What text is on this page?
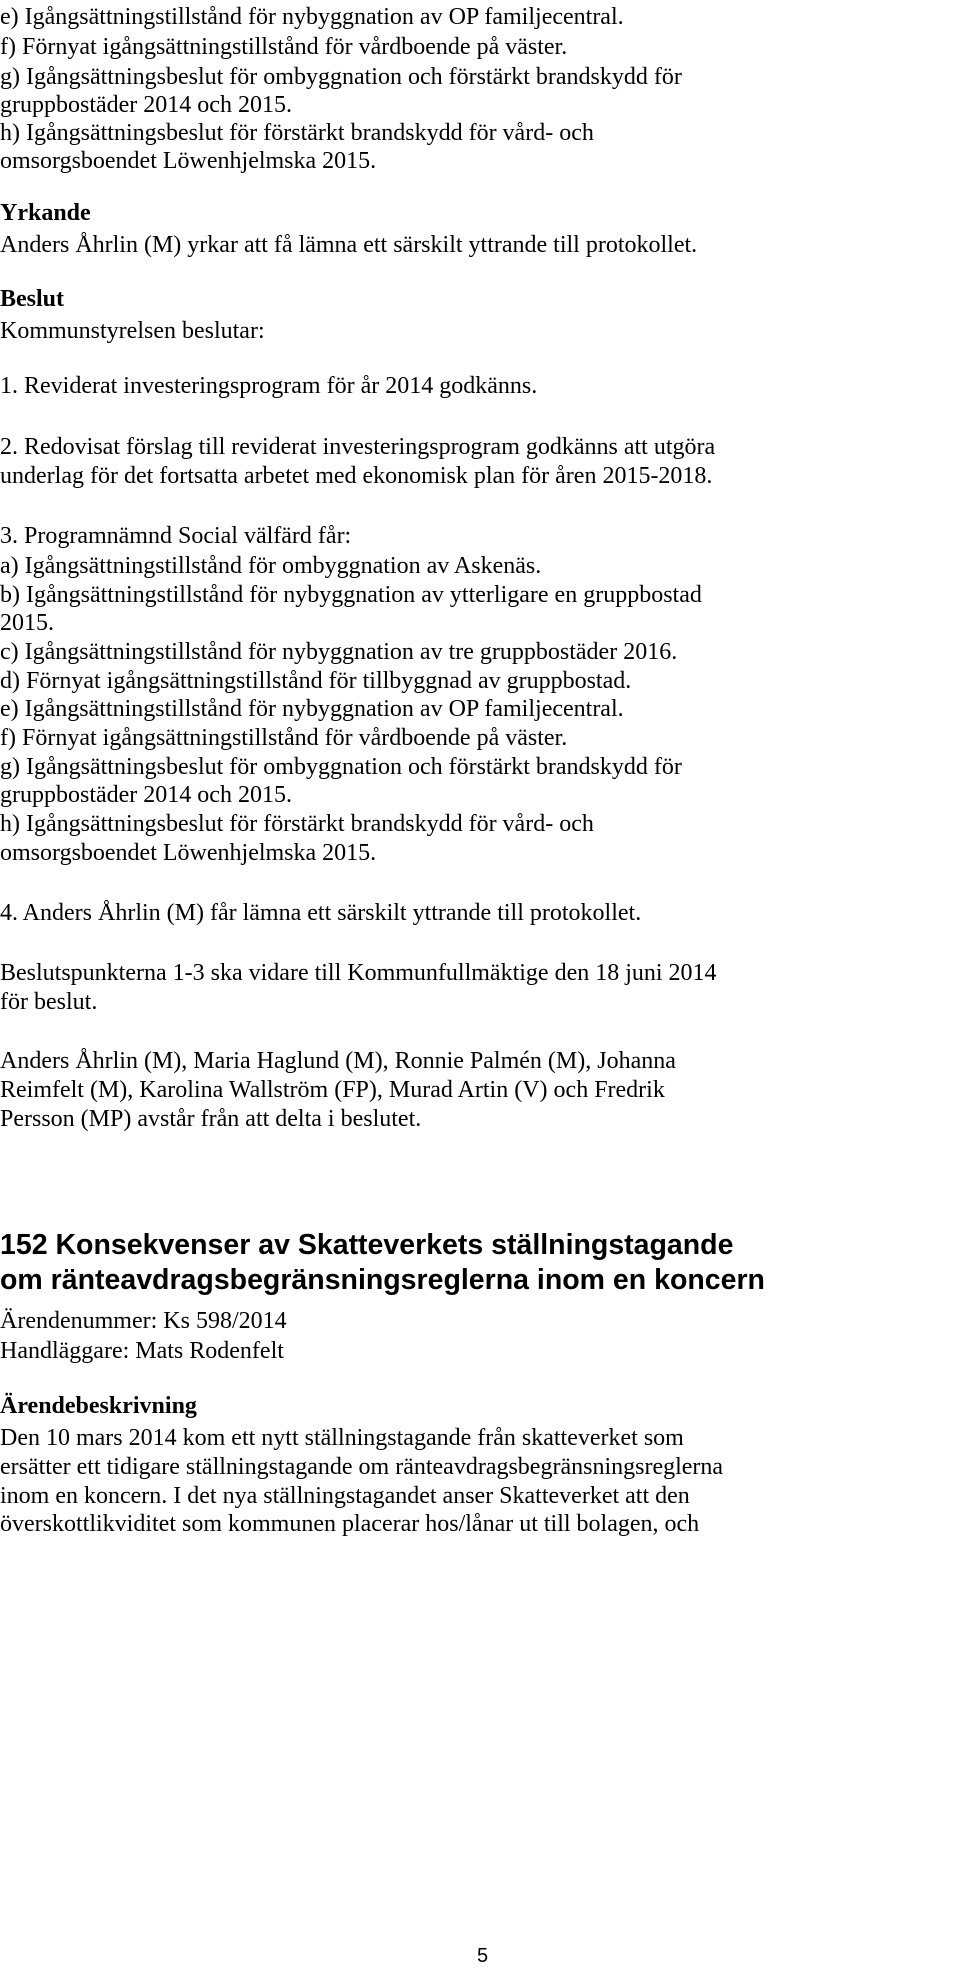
e) Igångsättningstillstånd för nybyggnation av OP familjecentral.
f) Förnyat igångsättningstillstånd för vårdboende på väster.
g) Igångsättningsbeslut för ombyggnation och förstärkt brandskydd för
gruppbostäder 2014 och 2015.
h) Igångsättningsbeslut för förstärkt brandskydd för vård- och
omsorgsboendet Löwenhjelmska 2015.
Yrkande
Anders Åhrlin (M) yrkar att få lämna ett särskilt yttrande till protokollet.
Beslut
Kommunstyrelsen beslutar:
1. Reviderat investeringsprogram för år 2014 godkänns.
2. Redovisat förslag till reviderat investeringsprogram godkänns att utgöra
underlag för det fortsatta arbetet med ekonomisk plan för åren 2015-2018.
3. Programnämnd Social välfärd får:
a) Igångsättningstillstånd för ombyggnation av Askenäs.
b) Igångsättningstillstånd för nybyggnation av ytterligare en gruppbostad
2015.
c) Igångsättningstillstånd för nybyggnation av tre gruppbostäder 2016.
d) Förnyat igångsättningstillstånd för tillbyggnad av gruppbostad.
e) Igångsättningstillstånd för nybyggnation av OP familjecentral.
f) Förnyat igångsättningstillstånd för vårdboende på väster.
g) Igångsättningsbeslut för ombyggnation och förstärkt brandskydd för
gruppbostäder 2014 och 2015.
h) Igångsättningsbeslut för förstärkt brandskydd för vård- och
omsorgsboendet Löwenhjelmska 2015.
4. Anders Åhrlin (M) får lämna ett särskilt yttrande till protokollet.
Beslutspunkterna 1-3 ska vidare till Kommunfullmäktige den 18 juni 2014
för beslut.
Anders Åhrlin (M), Maria Haglund (M), Ronnie Palmén (M), Johanna
Reimfelt (M), Karolina Wallström (FP), Murad Artin (V) och Fredrik
Persson (MP) avstår från att delta i beslutet.
152 Konsekvenser av Skatteverkets ställningstagande
om ränteavdragsbegränsningsreglerna inom en koncern
Ärendenummer: Ks 598/2014
Handläggare: Mats Rodenfelt
Ärendebeskrivning
Den 10 mars 2014 kom ett nytt ställningstagande från skatteverket som
ersätter ett tidigare ställningstagande om ränteavdragsbegränsningsreglerna
inom en koncern. I det nya ställningstagandet anser Skatteverket att den
överskottlikviditet som kommunen placerar hos/lånar ut till bolagen, och
5
